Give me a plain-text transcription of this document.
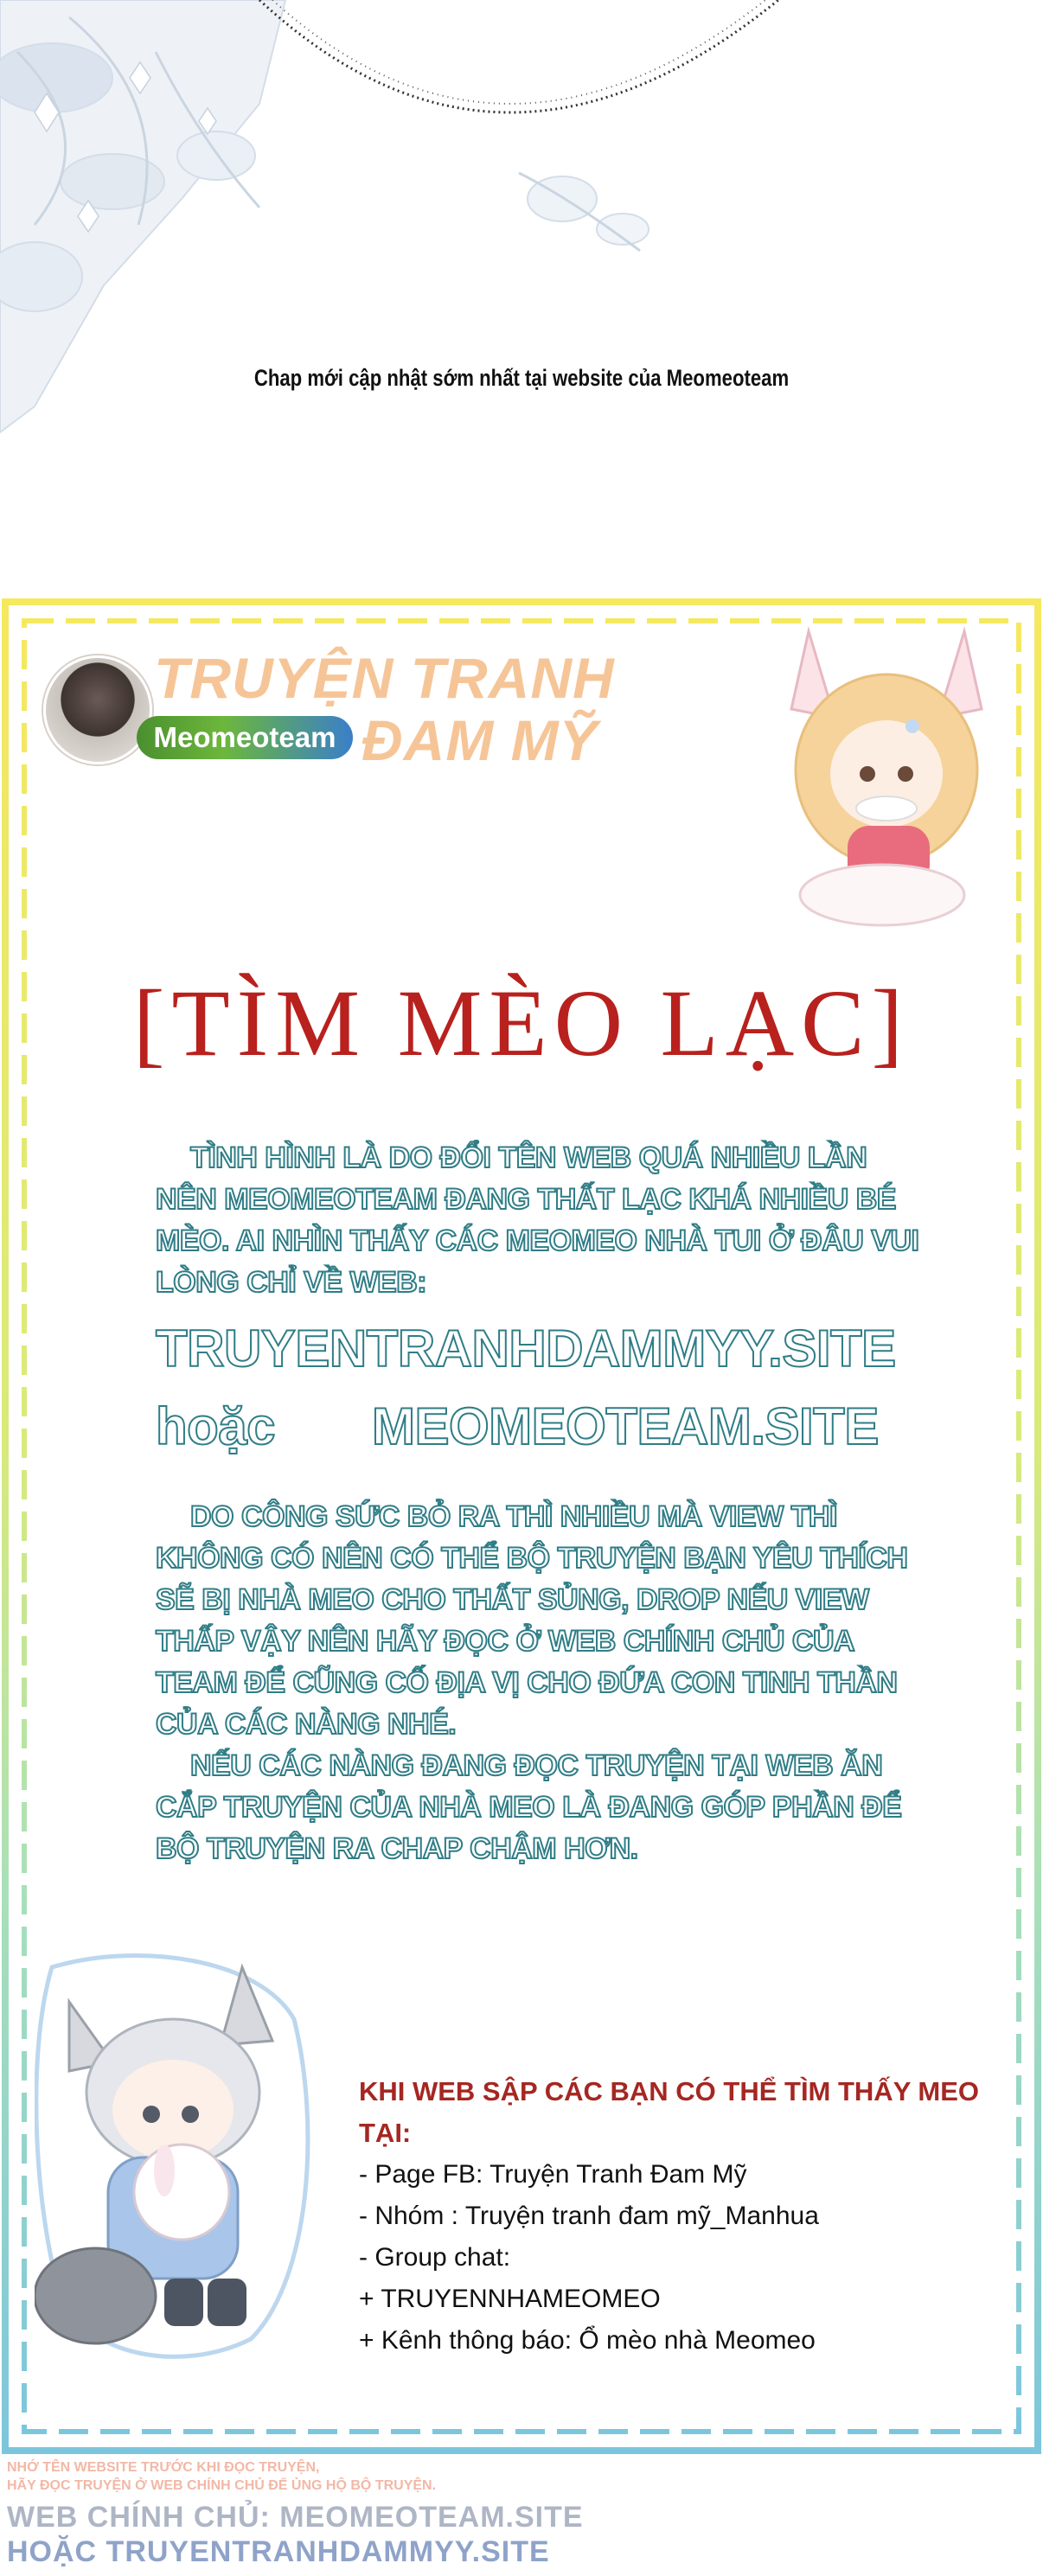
Chap mới cập nhật sớm nhất tại website của Meomeoteam
TRUYỆN TRANH
ĐAM MỸ
Meomeoteam
[TÌM MÈO LẠC]
TÌNH HÌNH LÀ DO ĐỔI TÊN WEB QUÁ NHIỀU LẦN NÊN MEOMEOTEAM ĐANG THẤT LẠC KHÁ NHIỀU BÉ MÈO. AI NHÌN THẤY CÁC MEOMEO NHÀ TUI Ở ĐÂU VUI LÒNG CHỈ VỀ WEB:
TRUYENTRANHDAMMYY.SITE
hoặc MEOMEOTEAM.SITE
DO CÔNG SỨC BỎ RA THÌ NHIỀU MÀ VIEW THÌ KHÔNG CÓ NÊN CÓ THỂ BỘ TRUYỆN BẠN YÊU THÍCH SẼ BỊ NHÀ MEO CHO THẤT SỦNG, DROP NẾU VIEW THẤP VẬY NÊN HÃY ĐỌC Ở WEB CHÍNH CHỦ CỦA TEAM ĐỂ CŨNG CỐ ĐỊA VỊ CHO ĐỨA CON TINH THẦN CỦA CÁC NÀNG NHÉ.
NẾU CÁC NÀNG ĐANG ĐỌC TRUYỆN TẠI WEB ĂN CẮP TRUYỆN CỦA NHÀ MEO LÀ ĐANG GÓP PHẦN ĐỂ BỘ TRUYỆN RA CHAP CHẬM HƠN.
KHI WEB SẬP CÁC BẠN CÓ THỂ TÌM THẤY MEO TẠI:
- Page FB: Truyện Tranh Đam Mỹ
- Nhóm : Truyện tranh đam mỹ_Manhua
- Group chat:
+ TRUYENNHAMEOMEO
+ Kênh thông báo: Ổ mèo nhà Meomeo
NHỚ TÊN WEBSITE TRƯỚC KHI ĐỌC TRUYỆN,
HÃY ĐỌC TRUYỆN Ở WEB CHÍNH CHỦ ĐỂ ỦNG HỘ BỘ TRUYỆN.
WEB CHÍNH CHỦ: MEOMEOTEAM.SITE
HOẶC TRUYENTRANHDAMMYY.SITE
